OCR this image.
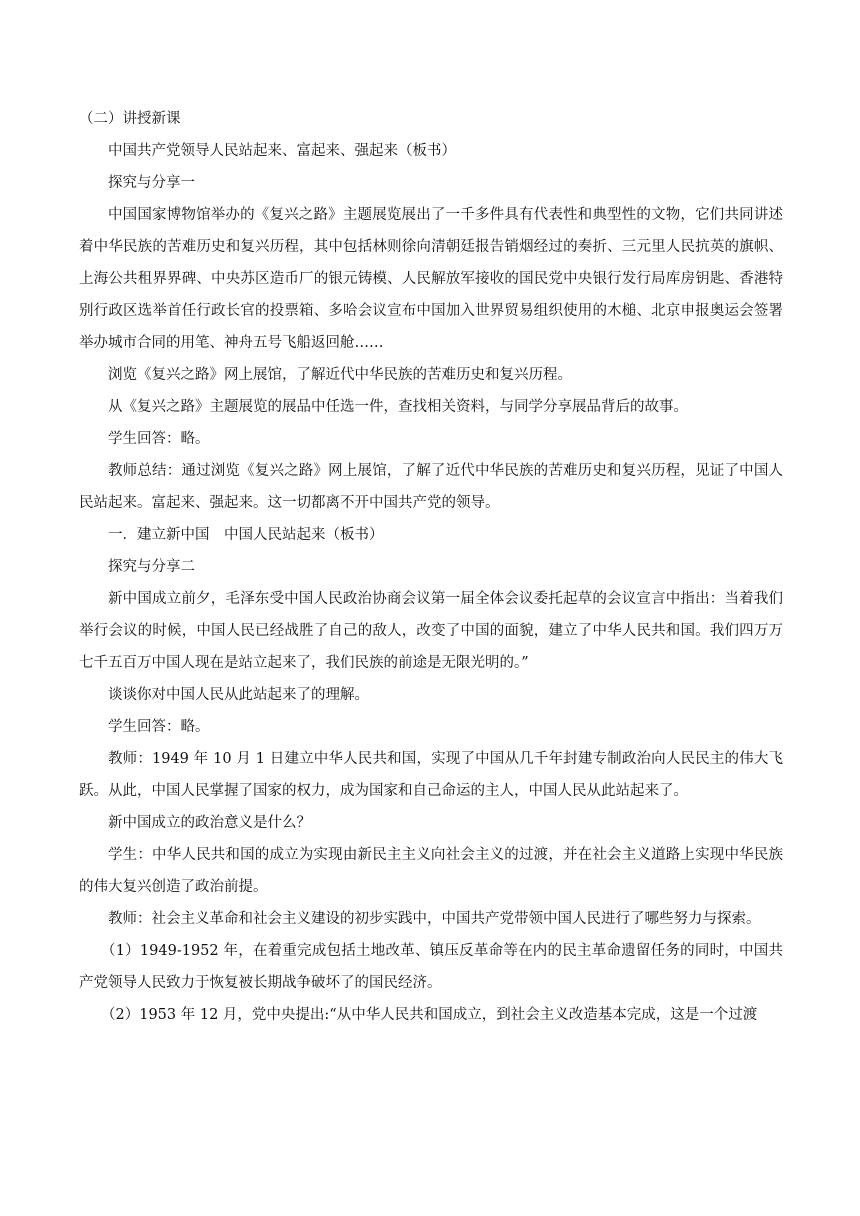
（二）讲授新课

中国共产党领导人民站起来、富起来、强起来（板书）

探究与分享一

中国国家博物馆举办的《复兴之路》主题展览展出了一千多件具有代表性和典型性的文物，它们共同讲述着中华民族的苦难历史和复兴历程，其中包括林则徐向清朝廷报告销烟经过的奏折、三元里人民抗英的旗帜、上海公共租界界碑、中央苏区造币厂的银元铸模、人民解放军接收的国民党中央银行发行局库房钥匙、香港特别行政区选举首任行政长官的投票箱、多哈会议宣布中国加入世界贸易组织使用的木槌、北京申报奥运会签署举办城市合同的用笔、神舟五号飞船返回舱……

浏览《复兴之路》网上展馆，了解近代中华民族的苦难历史和复兴历程。

从《复兴之路》主题展览的展品中任选一件，查找相关资料，与同学分享展品背后的故事。

学生回答：略。

教师总结：通过浏览《复兴之路》网上展馆，了解了近代中华民族的苦难历史和复兴历程，见证了中国人民站起来。富起来、强起来。这一切都离不开中国共产党的领导。

一．建立新中国　中国人民站起来（板书）

探究与分享二

新中国成立前夕，毛泽东受中国人民政治协商会议第一届全体会议委托起草的会议宣言中指出：当着我们举行会议的时候，中国人民已经战胜了自己的敌人，改变了中国的面貌，建立了中华人民共和国。我们四万万七千五百万中国人现在是站立起来了，我们民族的前途是无限光明的。”

谈谈你对中国人民从此站起来了的理解。

学生回答：略。

教师：1949 年 10 月 1 日建立中华人民共和国，实现了中国从几千年封建专制政治向人民民主的伟大飞跃。从此，中国人民掌握了国家的权力，成为国家和自己命运的主人，中国人民从此站起来了。

新中国成立的政治意义是什么？

学生：中华人民共和国的成立为实现由新民主主义向社会主义的过渡，并在社会主义道路上实现中华民族的伟大复兴创造了政治前提。

教师：社会主义革命和社会主义建设的初步实践中，中国共产党带领中国人民进行了哪些努力与探索。

（1）1949-1952 年，在着重完成包括土地改革、镇压反革命等在内的民主革命遗留任务的同时，中国共产党领导人民致力于恢复被长期战争破坏了的国民经济。

（2）1953 年 12 月，党中央提出:“从中华人民共和国成立，到社会主义改造基本完成，这是一个过渡
